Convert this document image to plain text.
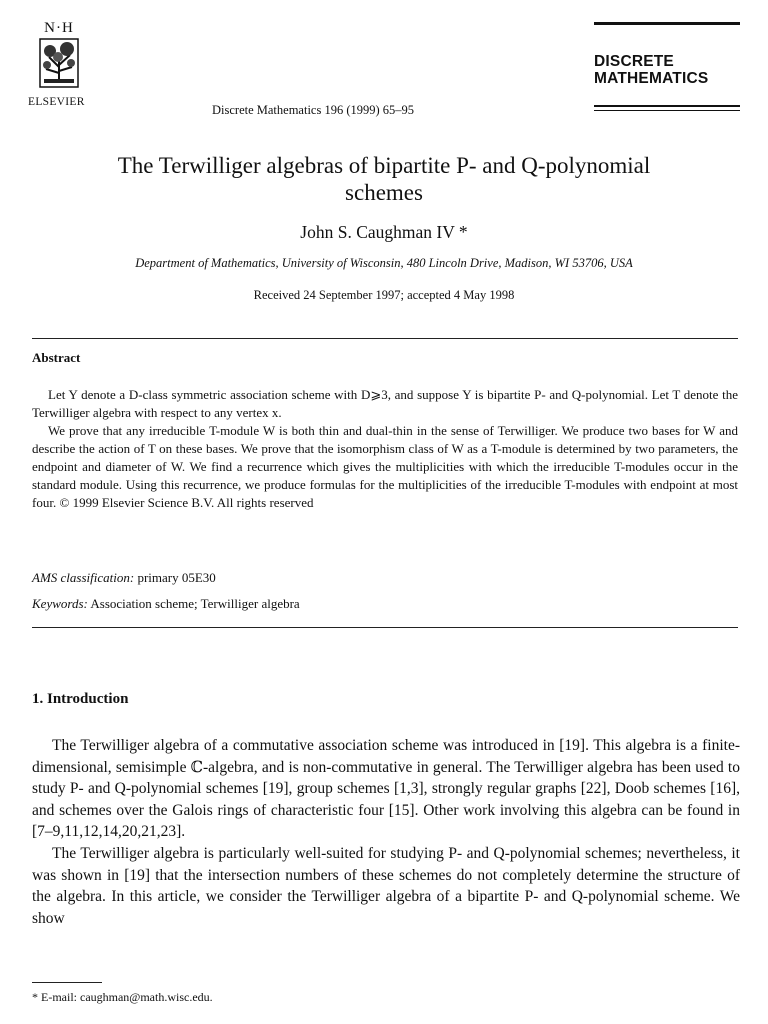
N·H
ELSEVIER
Discrete Mathematics 196 (1999) 65–95
DISCRETE
MATHEMATICS
The Terwilliger algebras of bipartite P- and Q-polynomial
schemes
John S. Caughman IV *
Department of Mathematics, University of Wisconsin, 480 Lincoln Drive, Madison, WI 53706, USA
Received 24 September 1997; accepted 4 May 1998
Abstract

Let Y denote a D-class symmetric association scheme with D⩾3, and suppose Y is bipartite P- and Q-polynomial. Let T denote the Terwilliger algebra with respect to any vertex x.

We prove that any irreducible T-module W is both thin and dual-thin in the sense of Terwilliger. We produce two bases for W and describe the action of T on these bases. We prove that the isomorphism class of W as a T-module is determined by two parameters, the endpoint and diameter of W. We find a recurrence which gives the multiplicities with which the irreducible T-modules occur in the standard module. Using this recurrence, we produce formulas for the multiplicities of the irreducible T-modules with endpoint at most four. © 1999 Elsevier Science B.V. All rights reserved

AMS classification: primary 05E30
Keywords: Association scheme; Terwilliger algebra
1. Introduction

The Terwilliger algebra of a commutative association scheme was introduced in [19]. This algebra is a finite-dimensional, semisimple ℂ-algebra, and is non-commutative in general. The Terwilliger algebra has been used to study P- and Q-polynomial schemes [19], group schemes [1,3], strongly regular graphs [22], Doob schemes [16], and schemes over the Galois rings of characteristic four [15]. Other work involving this algebra can be found in [7–9,11,12,14,20,21,23].

The Terwilliger algebra is particularly well-suited for studying P- and Q-polynomial schemes; nevertheless, it was shown in [19] that the intersection numbers of these schemes do not completely determine the structure of the algebra. In this article, we consider the Terwilliger algebra of a bipartite P- and Q-polynomial scheme. We show

* E-mail: caughman@math.wisc.edu.
